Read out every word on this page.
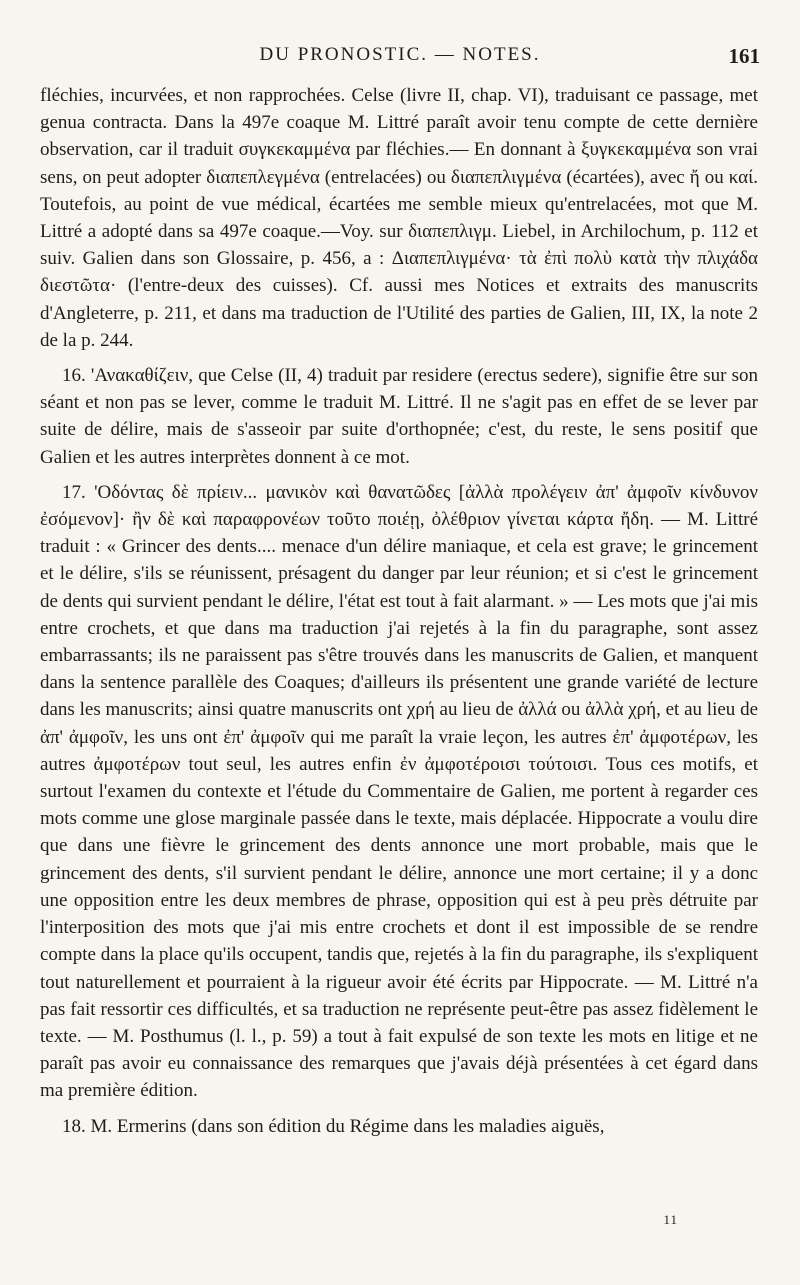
DU PRONOSTIC. — NOTES.	161

fléchies, incurvées, et non rapprochées. Celse (livre II, chap. VI), traduisant ce passage, met genua contracta. Dans la 497e coaque M. Littré paraît avoir tenu compte de cette dernière observation, car il traduit συγκεκαμμένα par fléchies.— En donnant à ξυγκεκαμμένα son vrai sens, on peut adopter διαπεπλεγμένα (entrelacées) ou διαπεπλιγμένα (écartées), avec ἤ ou καί. Toutefois, au point de vue médical, écartées me semble mieux qu'entrelacées, mot que M. Littré a adopté dans sa 497e coaque.—Voy. sur διαπεπλιγμ. Liebel, in Archilochum, p. 112 et suiv. Galien dans son Glossaire, p. 456, a : Διαπεπλιγμένα· τὰ ἐπὶ πολὺ κατὰ τὴν πλιχάδα διεστῶτα· (l'entre-deux des cuisses). Cf. aussi mes Notices et extraits des manuscrits d'Angleterre, p. 211, et dans ma traduction de l'Utilité des parties de Galien, III, IX, la note 2 de la p. 244.

16. 'Ανακαθίζειν, que Celse (II, 4) traduit par residere (erectus sedere), signifie être sur son séant et non pas se lever, comme le traduit M. Littré. Il ne s'agit pas en effet de se lever par suite de délire, mais de s'asseoir par suite d'orthopnée; c'est, du reste, le sens positif que Galien et les autres interprètes donnent à ce mot.

17. 'Οδόντας δὲ πρίειν... μανικὸν καὶ θανατῶδες [ἀλλὰ προλέγειν ἀπ' ἀμφοῖν κίνδυνον ἐσόμενον]· ἢν δὲ καὶ παραφρονέων τοῦτο ποιέῃ, ὀλέθριον γίνεται κάρτα ἤδη. — M. Littré traduit : « Grincer des dents.... menace d'un délire maniaque, et cela est grave; le grincement et le délire, s'ils se réunissent, présagent du danger par leur réunion; et si c'est le grincement de dents qui survient pendant le délire, l'état est tout à fait alarmant. » — Les mots que j'ai mis entre crochets, et que dans ma traduction j'ai rejetés à la fin du paragraphe, sont assez embarrassants; ils ne paraissent pas s'être trouvés dans les manuscrits de Galien, et manquent dans la sentence parallèle des Coaques; d'ailleurs ils présentent une grande variété de lecture dans les manuscrits; ainsi quatre manuscrits ont χρή au lieu de ἀλλά ou ἀλλὰ χρή, et au lieu de ἀπ' ἀμφοῖν, les uns ont ἐπ' ἀμφοῖν qui me paraît la vraie leçon, les autres ἐπ' ἀμφοτέρων, les autres ἀμφοτέρων tout seul, les autres enfin ἐν ἀμφοτέροισι τούτοισι. Tous ces motifs, et surtout l'examen du contexte et l'étude du Commentaire de Galien, me portent à regarder ces mots comme une glose marginale passée dans le texte, mais déplacée. Hippocrate a voulu dire que dans une fièvre le grincement des dents annonce une mort probable, mais que le grincement des dents, s'il survient pendant le délire, annonce une mort certaine; il y a donc une opposition entre les deux membres de phrase, opposition qui est à peu près détruite par l'interposition des mots que j'ai mis entre crochets et dont il est impossible de se rendre compte dans la place qu'ils occupent, tandis que, rejetés à la fin du paragraphe, ils s'expliquent tout naturellement et pourraient à la rigueur avoir été écrits par Hippocrate. — M. Littré n'a pas fait ressortir ces difficultés, et sa traduction ne représente peut-être pas assez fidèlement le texte. — M. Posthumus (l. l., p. 59) a tout à fait expulsé de son texte les mots en litige et ne paraît pas avoir eu connaissance des remarques que j'avais déjà présentées à cet égard dans ma première édition.

18. M. Ermerins (dans son édition du Régime dans les maladies aiguës,

11
